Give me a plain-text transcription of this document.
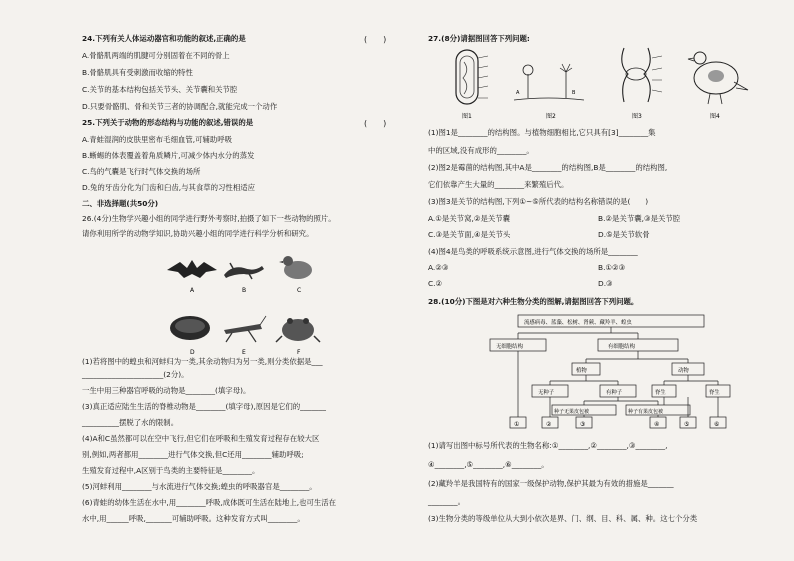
24.下列有关人体运动器官和功能的叙述,正确的是	(　　)
A.骨骼肌两端的肌腱可分别固着在不同的骨上
B.骨骼肌具有受刺激而收缩的特性
C.关节的基本结构包括关节头、关节囊和关节腔
D.只要骨骼肌、骨和关节三者的协调配合,就能完成一个动作
25.下列关于动物的形态结构与功能的叙述,错误的是	(　　)
A.青蛙湿润的皮肤里密布毛细血管,可辅助呼吸
B.蜥蜴的体表覆盖着角质鳞片,可减少体内水分的蒸发
C.鸟的气囊是飞行时气体交换的场所
D.兔的牙齿分化为门齿和臼齿,与其食草的习性相适应
二、非选择题(共50分)
26.(4分)生物学兴趣小组的同学进行野外考察时,拍摄了如下一些动物的照片。
请你利用所学的动物学知识,协助兴趣小组的同学进行科学分析和研究。
A	B	C
D	E	F
(1)若将图中的蝗虫和河蚌归为一类,其余动物归为另一类,则分类依据是___
______________________(2分)。
一生中用三种器官呼吸的动物是________(填字母)。
(3)真正适应陆生生活的脊椎动物是________(填字母),原因是它们的_______
__________摆脱了水的限制。
(4)A和C虽然都可以在空中飞行,但它们在呼吸和生殖发育过程存在较大区
别,例如,两者都用________进行气体交换,但C还用________辅助呼吸;
生殖发育过程中,A区别于鸟类的主要特征是________。
(5)河蚌利用________与水流进行气体交换;蝗虫的呼吸器官是________。
(6)青蛙的幼体生活在水中,用________呼吸,成体既可生活在陆地上,也可生活在
水中,用______呼吸,_______可辅助呼吸。这种发育方式叫________。
27.(8分)请据图回答下列问题:
图1
A	B
图2	图3	图4
(1)图1是________的结构图。与植物细胞相比,它只具有[3]________集
中的区域,没有成形的________。
(2)图2是霉菌的结构图,其中A是________的结构图,B是________的结构图,
它们依靠产生大量的________来繁殖后代。
(3)图3是关节的结构图,下列①~⑤所代表的结构名称错误的是(　　)
A.①是关节窝,②是关节囊	B.②是关节囊,③是关节腔
C.③是关节面,④是关节头	D.⑤是关节软骨
(4)图4是鸟类的呼吸系统示意图,进行气体交换的场所是________
A.②③	B.①②③
C.②	D.③
28.(10分)下图是对六种生物分类的图解,请据图回答下列问题。
流感病毒、蓝藻、松树、肾蕨、藏羚羊、蝗虫
无细胞结构	有细胞结构
植物	动物
无种子	有种子	脊生	脊生
种子无果皮包被	种子有果皮包被
①	②	③	④	⑤	⑥
(1)请写出图中标号所代表的生物名称:①________,②________,③________,
④________,⑤________,⑥________。
(2)藏羚羊是我国特有的国家一级保护动物,保护其最为有效的措施是_______
________。
(3)生物分类的等级单位从大到小依次是界、门、纲、目、科、属、种。这七个分类
